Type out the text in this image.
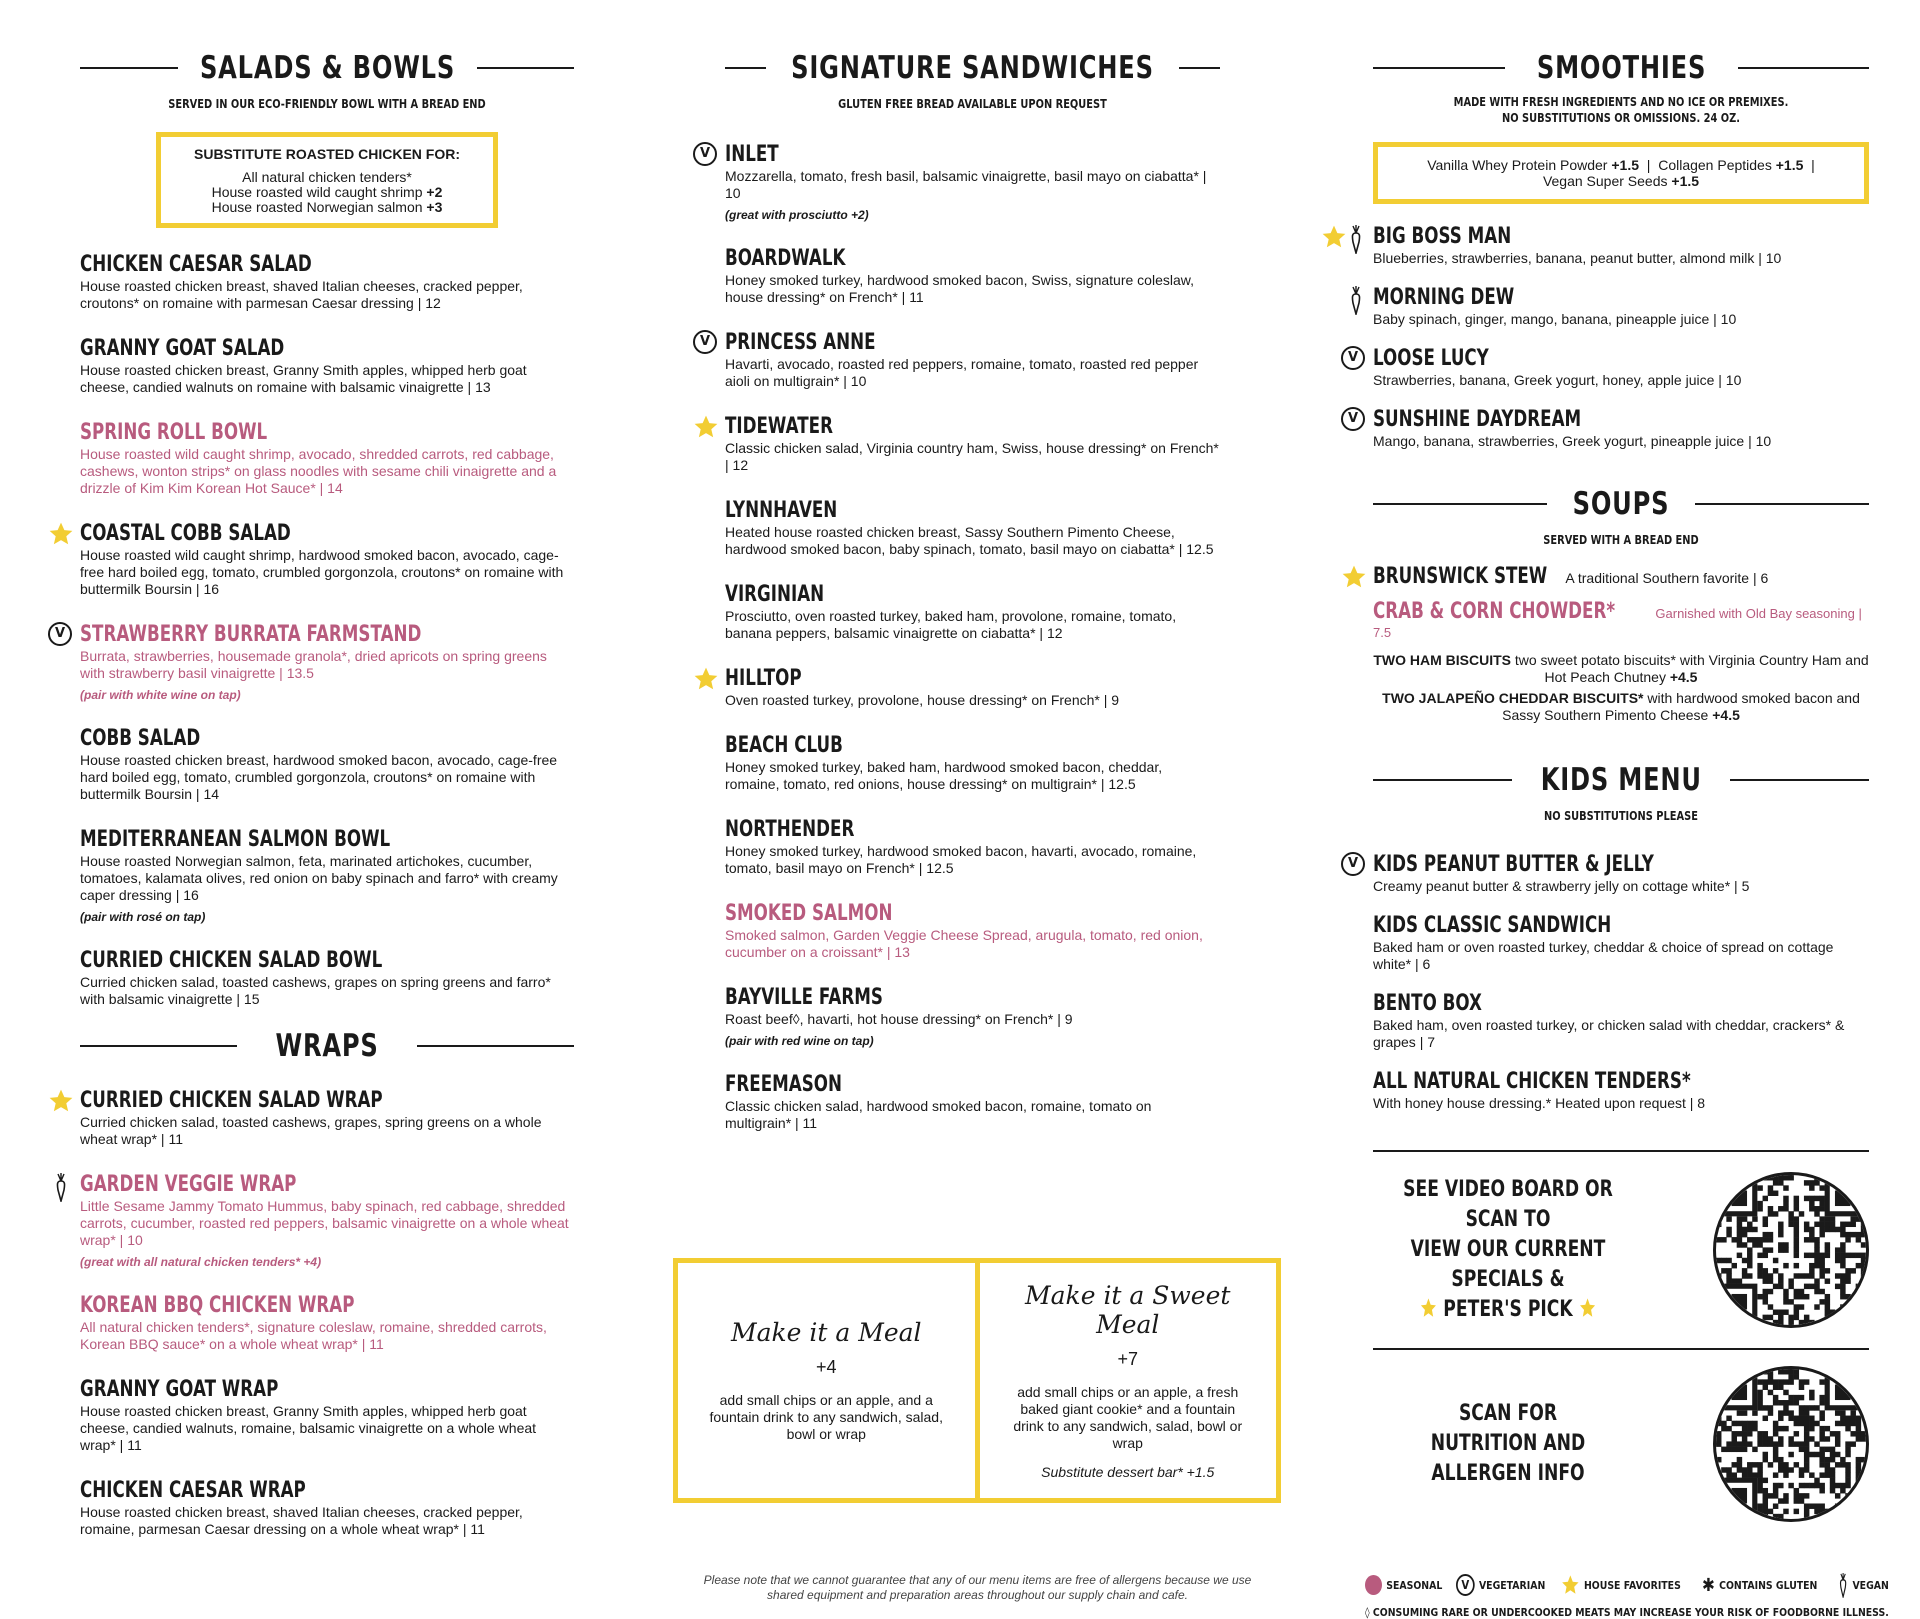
SALADS & BOWLS
SERVED IN OUR ECO-FRIENDLY BOWL WITH A BREAD END
SUBSTITUTE ROASTED CHICKEN FOR:
All natural chicken tenders*
House roasted wild caught shrimp +2
House roasted Norwegian salmon +3
CHICKEN CAESAR SALAD
House roasted chicken breast, shaved Italian cheeses, cracked pepper, croutons* on romaine with parmesan Caesar dressing | 12
GRANNY GOAT SALAD
House roasted chicken breast, Granny Smith apples, whipped herb goat cheese, candied walnuts on romaine with balsamic vinaigrette | 13
SPRING ROLL BOWL
House roasted wild caught shrimp, avocado, shredded carrots, red cabbage, cashews, wonton strips* on glass noodles with sesame chili vinaigrette and a drizzle of Kim Kim Korean Hot Sauce* | 14
COASTAL COBB SALAD
House roasted wild caught shrimp, hardwood smoked bacon, avocado, cage-free hard boiled egg, tomato, crumbled gorgonzola, croutons* on romaine with buttermilk Boursin | 16
V STRAWBERRY BURRATA FARMSTAND
Burrata, strawberries, housemade granola*, dried apricots on spring greens with strawberry basil vinaigrette | 13.5
(pair with white wine on tap)
COBB SALAD
House roasted chicken breast, hardwood smoked bacon, avocado, cage-free hard boiled egg, tomato, crumbled gorgonzola, croutons* on romaine with buttermilk Boursin | 14
MEDITERRANEAN SALMON BOWL
House roasted Norwegian salmon, feta, marinated artichokes, cucumber, tomatoes, kalamata olives, red onion on baby spinach and farro* with creamy caper dressing | 16
(pair with rosé on tap)
CURRIED CHICKEN SALAD BOWL
Curried chicken salad, toasted cashews, grapes on spring greens and farro* with balsamic vinaigrette | 15
WRAPS
CURRIED CHICKEN SALAD WRAP
Curried chicken salad, toasted cashews, grapes, spring greens on a whole wheat wrap* | 11
GARDEN VEGGIE WRAP
Little Sesame Jammy Tomato Hummus, baby spinach, red cabbage, shredded carrots, cucumber, roasted red peppers, balsamic vinaigrette on a whole wheat wrap* | 10
(great with all natural chicken tenders* +4)
KOREAN BBQ CHICKEN WRAP
All natural chicken tenders*, signature coleslaw, romaine, shredded carrots, Korean BBQ sauce* on a whole wheat wrap* | 11
GRANNY GOAT WRAP
House roasted chicken breast, Granny Smith apples, whipped herb goat cheese, candied walnuts, romaine, balsamic vinaigrette on a whole wheat wrap* | 11
CHICKEN CAESAR WRAP
House roasted chicken breast, shaved Italian cheeses, cracked pepper, romaine, parmesan Caesar dressing on a whole wheat wrap* | 11
SIGNATURE SANDWICHES
GLUTEN FREE BREAD AVAILABLE UPON REQUEST
V INLET
Mozzarella, tomato, fresh basil, balsamic vinaigrette, basil mayo on ciabatta* | 10
(great with prosciutto +2)
BOARDWALK
Honey smoked turkey, hardwood smoked bacon, Swiss, signature coleslaw, house dressing* on French* | 11
V PRINCESS ANNE
Havarti, avocado, roasted red peppers, romaine, tomato, roasted red pepper aioli on multigrain* | 10
TIDEWATER
Classic chicken salad, Virginia country ham, Swiss, house dressing* on French* | 12
LYNNHAVEN
Heated house roasted chicken breast, Sassy Southern Pimento Cheese, hardwood smoked bacon, baby spinach, tomato, basil mayo on ciabatta* | 12.5
VIRGINIAN
Prosciutto, oven roasted turkey, baked ham, provolone, romaine, tomato, banana peppers, balsamic vinaigrette on ciabatta* | 12
HILLTOP
Oven roasted turkey, provolone, house dressing* on French* | 9
BEACH CLUB
Honey smoked turkey, baked ham, hardwood smoked bacon, cheddar, romaine, tomato, red onions, house dressing* on multigrain* | 12.5
NORTHENDER
Honey smoked turkey, hardwood smoked bacon, havarti, avocado, romaine, tomato, basil mayo on French* | 12.5
SMOKED SALMON
Smoked salmon, Garden Veggie Cheese Spread, arugula, tomato, red onion, cucumber on a croissant* | 13
BAYVILLE FARMS
Roast beef◊, havarti, hot house dressing* on French* | 9
(pair with red wine on tap)
FREEMASON
Classic chicken salad, hardwood smoked bacon, romaine, tomato on multigrain* | 11
Make it a Meal
+4
add small chips or an apple, and a fountain drink to any sandwich, salad, bowl or wrap
Make it a Sweet Meal
+7
add small chips or an apple, a fresh baked giant cookie* and a fountain drink to any sandwich, salad, bowl or wrap
Substitute dessert bar* +1.5
Please note that we cannot guarantee that any of our menu items are free of allergens because we use shared equipment and preparation areas throughout our supply chain and cafe.
SMOOTHIES
MADE WITH FRESH INGREDIENTS AND NO ICE OR PREMIXES.
NO SUBSTITUTIONS OR OMISSIONS. 24 OZ.
Vanilla Whey Protein Powder +1.5 | Collagen Peptides +1.5 |
Vegan Super Seeds +1.5
BIG BOSS MAN
Blueberries, strawberries, banana, peanut butter, almond milk | 10
MORNING DEW
Baby spinach, ginger, mango, banana, pineapple juice | 10
V LOOSE LUCY
Strawberries, banana, Greek yogurt, honey, apple juice | 10
V SUNSHINE DAYDREAM
Mango, banana, strawberries, Greek yogurt, pineapple juice | 10
SOUPS
SERVED WITH A BREAD END
BRUNSWICK STEW A traditional Southern favorite | 6
CRAB & CORN CHOWDER*	Garnished with Old Bay seasoning | 7.5
TWO HAM BISCUITS two sweet potato biscuits* with Virginia Country Ham and Hot Peach Chutney +4.5
TWO JALAPEÑO CHEDDAR BISCUITS* with hardwood smoked bacon and Sassy Southern Pimento Cheese +4.5
KIDS MENU
NO SUBSTITUTIONS PLEASE
V KIDS PEANUT BUTTER & JELLY
Creamy peanut butter & strawberry jelly on cottage white* | 5
KIDS CLASSIC SANDWICH
Baked ham or oven roasted turkey, cheddar & choice of spread on cottage white* | 6
BENTO BOX
Baked ham, oven roasted turkey, or chicken salad with cheddar, crackers* & grapes | 7
ALL NATURAL CHICKEN TENDERS*
With honey house dressing.* Heated upon request | 8
SEE VIDEO BOARD OR SCAN TO
VIEW OUR CURRENT SPECIALS &
PETER'S PICK
SCAN FOR NUTRITION AND
ALLERGEN INFO
SEASONAL	V VEGETARIAN	HOUSE FAVORITES ✱ CONTAINS GLUTEN	VEGAN
◊ CONSUMING RARE OR UNDERCOOKED MEATS MAY INCREASE YOUR RISK OF FOODBORNE ILLNESS.
